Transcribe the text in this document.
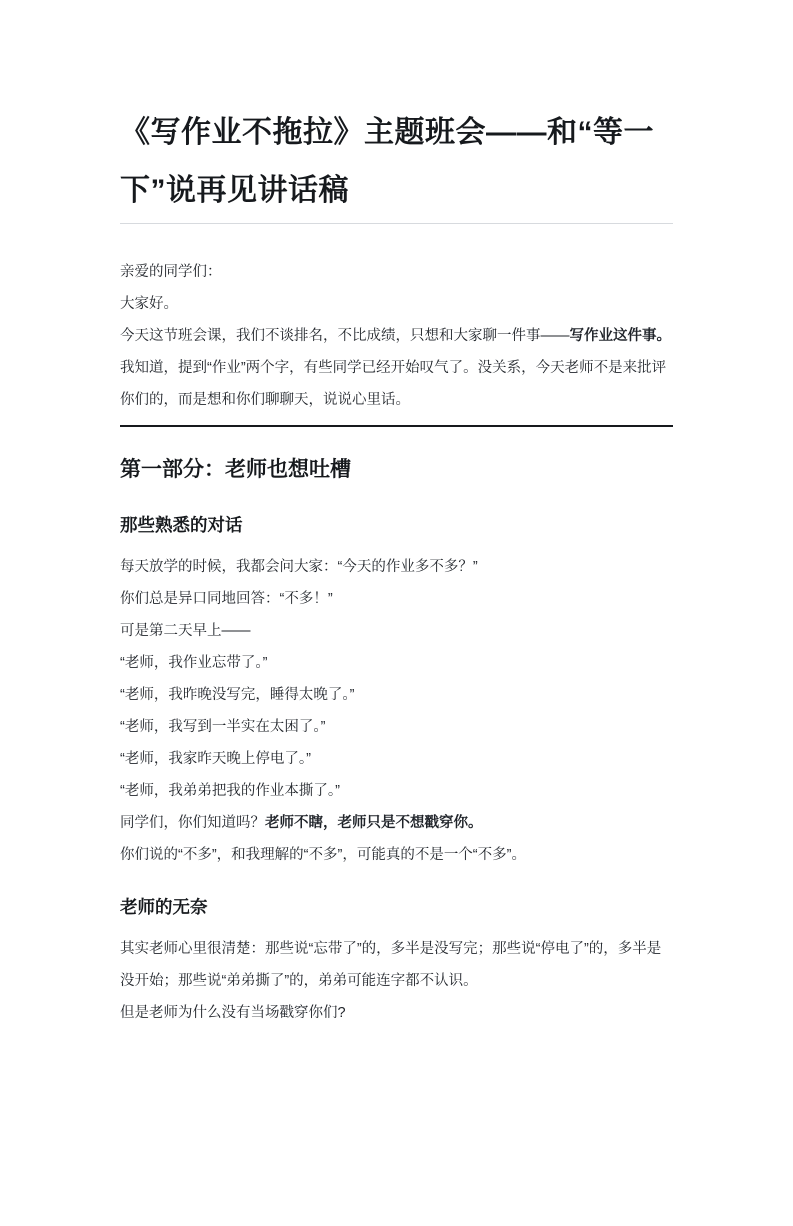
《写作业不拖拉》主题班会——和“等一下”说再见讲话稿

亲爱的同学们：

大家好。

今天这节班会课，我们不谈排名，不比成绩，只想和大家聊一件事——写作业这件事。

我知道，提到“作业”两个字，有些同学已经开始叹气了。没关系，今天老师不是来批评你们的，而是想和你们聊聊天，说说心里话。

第一部分：老师也想吐槽
那些熟悉的对话

每天放学的时候，我都会问大家：“今天的作业多不多？”

你们总是异口同地回答：“不多！”

可是第二天早上——

“老师，我作业忘带了。”

“老师，我昨晚没写完，睡得太晚了。”

“老师，我写到一半实在太困了。”

“老师，我家昨天晚上停电了。”

“老师，我弟弟把我的作业本撕了。”

同学们，你们知道吗？老师不瞎，老师只是不想戳穿你。

你们说的“不多”，和我理解的“不多”，可能真的不是一个“不多”。

老师的无奈

其实老师心里很清楚：那些说“忘带了”的，多半是没写完；那些说“停电了”的，多半是没开始；那些说“弟弟撕了”的，弟弟可能连字都不认识。

但是老师为什么没有当场戳穿你们?
